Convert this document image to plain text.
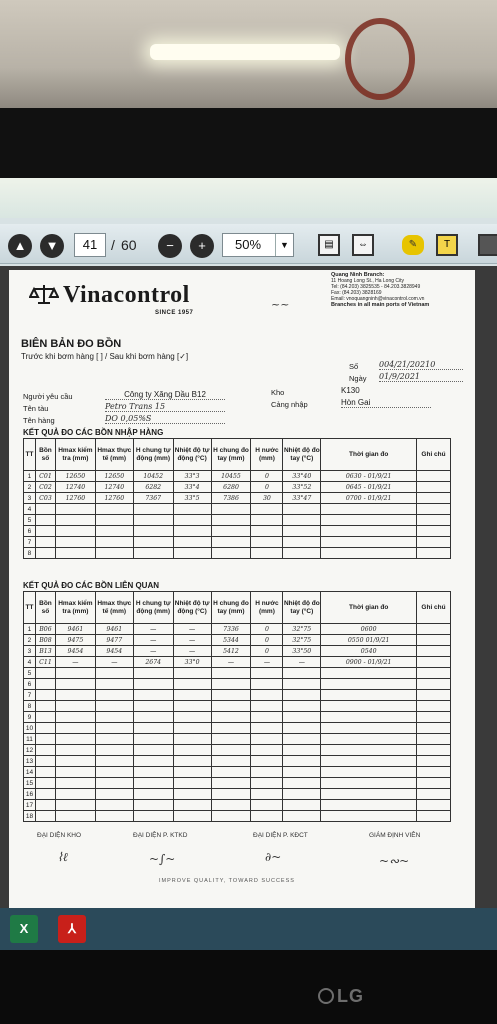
▲	▼	41 / 60	−	+	50%	▼	▤	⇔	✎	T
Vinacontrol
SINCE 1957
Quang Ninh Branch:
11 Hoang Long St., Ha Long City
Tel: (84.203) 3825535 - 84.203.3828949
Fax: (84.203) 3828169
Email: vnoquangninh@vinacontrol.com.vn
Branches in all main ports of Vietnam
~~
BIÊN BẢN ĐO BỒN
Trước khi bơm hàng [ ] / Sau khi bơm hàng [✓]
Số	004/21/20210
Ngày 01/9/2021
Người yêu cầu	Công ty Xăng Dầu B12	Kho	K130
Tên tàu	Petro Trans 15	Cảng nhập	Hòn Gai
Tên hàng	DO 0,05%S
KẾT QUẢ ĐO CÁC BỒN NHẬP HÀNG
TT	Bồn số	Hmax kiểm tra (mm)	Hmax thực tế (mm)	H chung tự động (mm)	Nhiệt độ tự động (°C)	H chung đo tay (mm)	H nước (mm)	Nhiệt độ đo tay (°C)	Thời gian đo	Ghi chú
1	C01	12650	12650	10452	33°3	10455	0	33°40	0630 - 01/9/21	
2	C02	12740	12740	6282	33°4	6280	0	33°52	0645 - 01/9/21	
3	C03	12760	12760	7367	33°5	7386	30	33°47	0700 - 01/9/21	
4										
5										
6										
7										
8										
KẾT QUẢ ĐO CÁC BỒN LIÊN QUAN
TT	Bồn số	Hmax kiểm tra (mm)	Hmax thực tế (mm)	H chung tự động (mm)	Nhiệt độ tự động (°C)	H chung đo tay (mm)	H nước (mm)	Nhiệt độ đo tay (°C)	Thời gian đo	Ghi chú
1	B06	9461	9461	—	—	7336	0	32°75	0600	
2	B08	9475	9477	—	—	5344	0	32°75	0550 01/9/21	
3	B13	9454	9454	—	—	5412	0	33°50	0540	
4	C11	—	—	2674	33°0	—	—	—	0900 - 01/9/21	
5										
6										
7										
8										
9										
10										
11										
12										
13										
14										
15										
16										
17										
18										
ĐẠI DIỆN KHO	ĐẠI DIỆN P. KTKD	ĐẠI DIỆN P. KĐCT	GIÁM ĐỊNH VIÊN
⌇ℓ	~∫~	∂~	~∾~
IMPROVE QUALITY, TOWARD SUCCESS
X	⅄
LG
